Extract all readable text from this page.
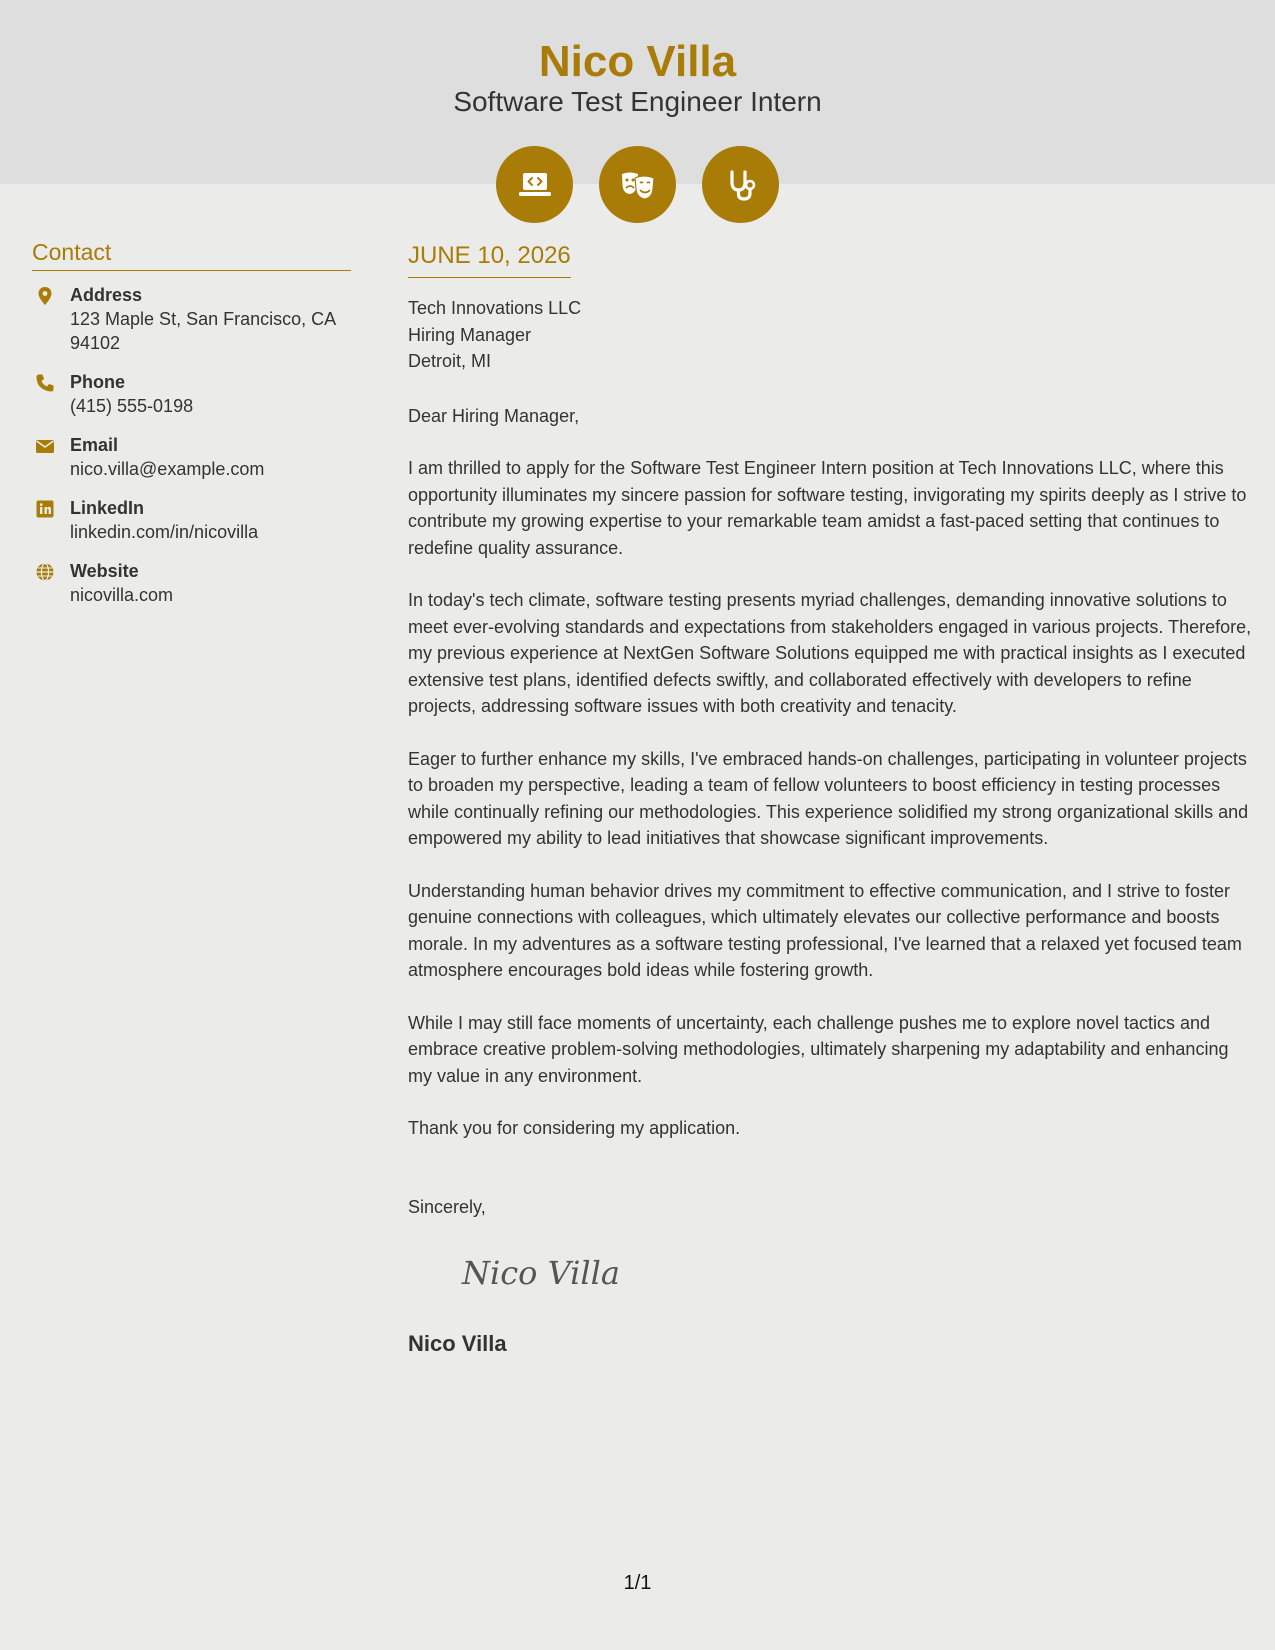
Nico Villa
Software Test Engineer Intern
Contact
Address
123 Maple St, San Francisco, CA 94102
Phone
(415) 555-0198
Email
nico.villa@example.com
LinkedIn
linkedin.com/in/nicovilla
Website
nicovilla.com
JUNE 10, 2026
Tech Innovations LLC
Hiring Manager
Detroit, MI
Dear Hiring Manager,
I am thrilled to apply for the Software Test Engineer Intern position at Tech Innovations LLC, where this opportunity illuminates my sincere passion for software testing, invigorating my spirits deeply as I strive to contribute my growing expertise to your remarkable team amidst a fast-paced setting that continues to redefine quality assurance.
In today's tech climate, software testing presents myriad challenges, demanding innovative solutions to meet ever-evolving standards and expectations from stakeholders engaged in various projects. Therefore, my previous experience at NextGen Software Solutions equipped me with practical insights as I executed extensive test plans, identified defects swiftly, and collaborated effectively with developers to refine projects, addressing software issues with both creativity and tenacity.
Eager to further enhance my skills, I've embraced hands-on challenges, participating in volunteer projects to broaden my perspective, leading a team of fellow volunteers to boost efficiency in testing processes while continually refining our methodologies. This experience solidified my strong organizational skills and empowered my ability to lead initiatives that showcase significant improvements.
Understanding human behavior drives my commitment to effective communication, and I strive to foster genuine connections with colleagues, which ultimately elevates our collective performance and boosts morale. In my adventures as a software testing professional, I've learned that a relaxed yet focused team atmosphere encourages bold ideas while fostering growth.
While I may still face moments of uncertainty, each challenge pushes me to explore novel tactics and embrace creative problem-solving methodologies, ultimately sharpening my adaptability and enhancing my value in any environment.
Thank you for considering my application.
Sincerely,
Nico Villa
Nico Villa
1/1
